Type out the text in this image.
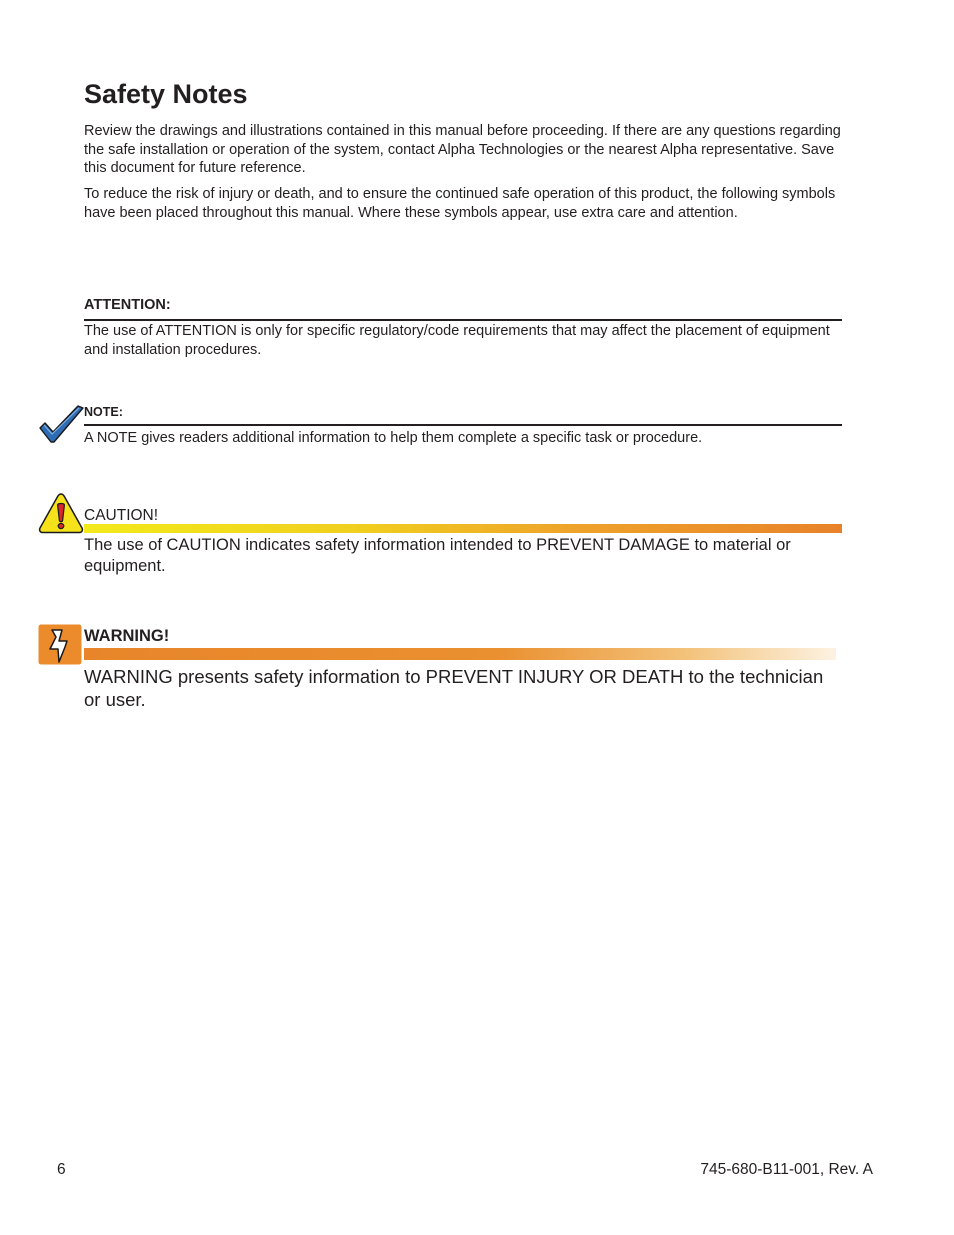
Safety Notes

Review the drawings and illustrations contained in this manual before proceeding. If there are any questions regarding the safe installation or operation of the system, contact Alpha Technologies or the nearest Alpha representative. Save this document for future reference.

To reduce the risk of injury or death, and to ensure the continued safe operation of this product, the following symbols have been placed throughout this manual. Where these symbols appear, use extra care and attention.

ATTENTION:

The use of ATTENTION is only for specific regulatory/code requirements that may affect the placement of equipment and installation procedures.

NOTE:

A NOTE gives readers additional information to help them complete a specific task or procedure.

CAUTION!

The use of CAUTION indicates safety information intended to PREVENT DAMAGE to material or equipment.

WARNING!

WARNING presents safety information to PREVENT INJURY OR DEATH to the technician or user.

6	745-680-B11-001, Rev. A
